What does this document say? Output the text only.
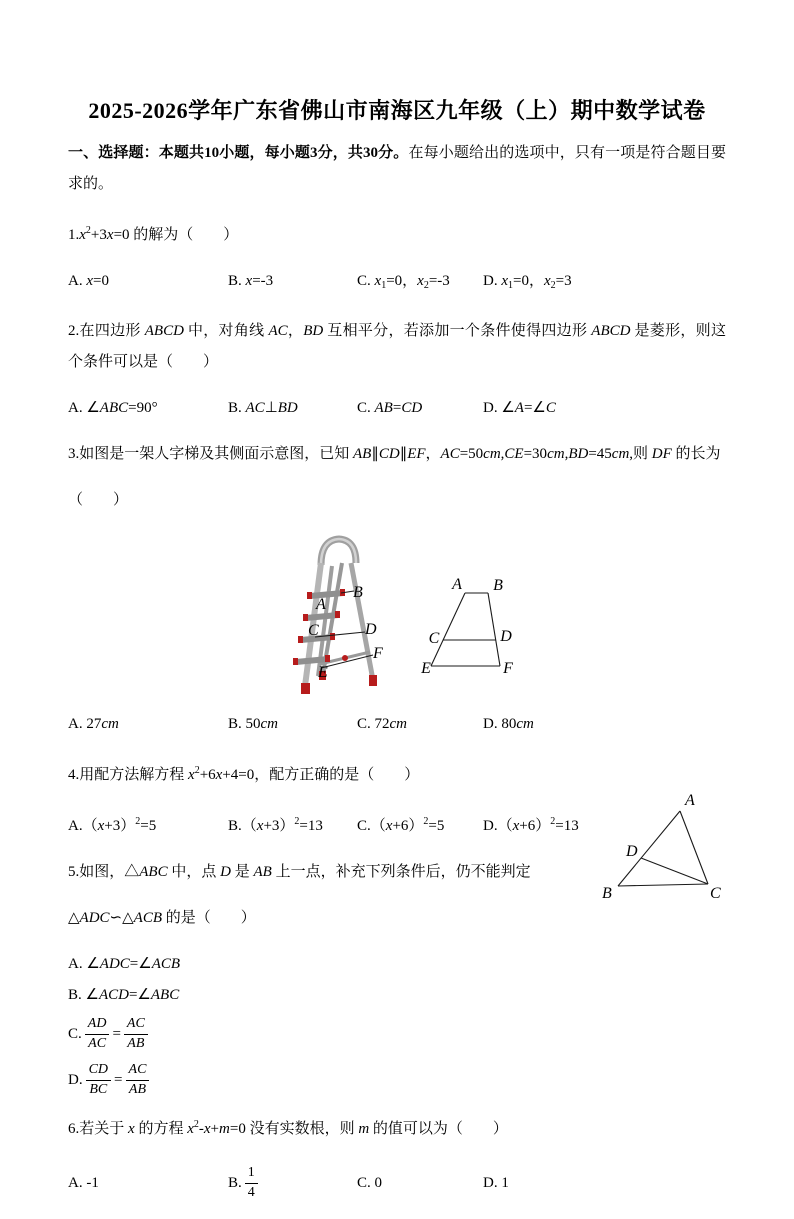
2025-2026学年广东省佛山市南海区九年级（上）期中数学试卷

一、选择题：本题共10小题，每小题3分，共30分。在每小题给出的选项中，只有一项是符合题目要求的。

$1.x^2+3x=0$ 的解为（　　）

A. x=0	B. x=-3	C. $x_1=0$，$x_2=-3$	D. $x_1=0$，$x_2=3$

2.在四边形 ABCD 中，对角线 AC，BD 互相平分，若添加一个条件使得四边形 ABCD 是菱形，则这个条件可以是（　　）

A. ∠ABC=90°	B. AC⊥BD	C. AB=CD	D. ∠A=∠C

3.如图是一架人字梯及其侧面示意图，已知 AB∥CD∥EF，AC=50cm,CE=30cm,BD=45cm,则 DF 的长为

（　　）

A
B
C	D
E
F
A B
C	D
E	F
A. 27cm	B. 50cm	C. 72cm	D. 80cm

4.用配方法解方程 $x^2+6x+4=0$，配方正确的是（　　）

$A.(x+3)^2=5$	$B.(x+3)^2=13$	$C.(x+6)^2=5$	$D.(x+6)^2=13$

5.如图，△ABC 中，点 D 是 AB 上一点，补充下列条件后，仍不能判定

△ADC∽△ACB 的是（　　）

A. ∠ADC=∠ACB
B. ∠ACD=∠ABC
C. $\frac{AD}{AC} = \frac{AC}{AB}$
D. $\frac{CD}{BC} = \frac{AC}{AB}$

6.若关于 x 的方程 $x^2-x+m=0$ 没有实数根，则 m 的值可以为（　　）

A. -1	B.
1
4
C. 0	D. 1
A
B	C
D
